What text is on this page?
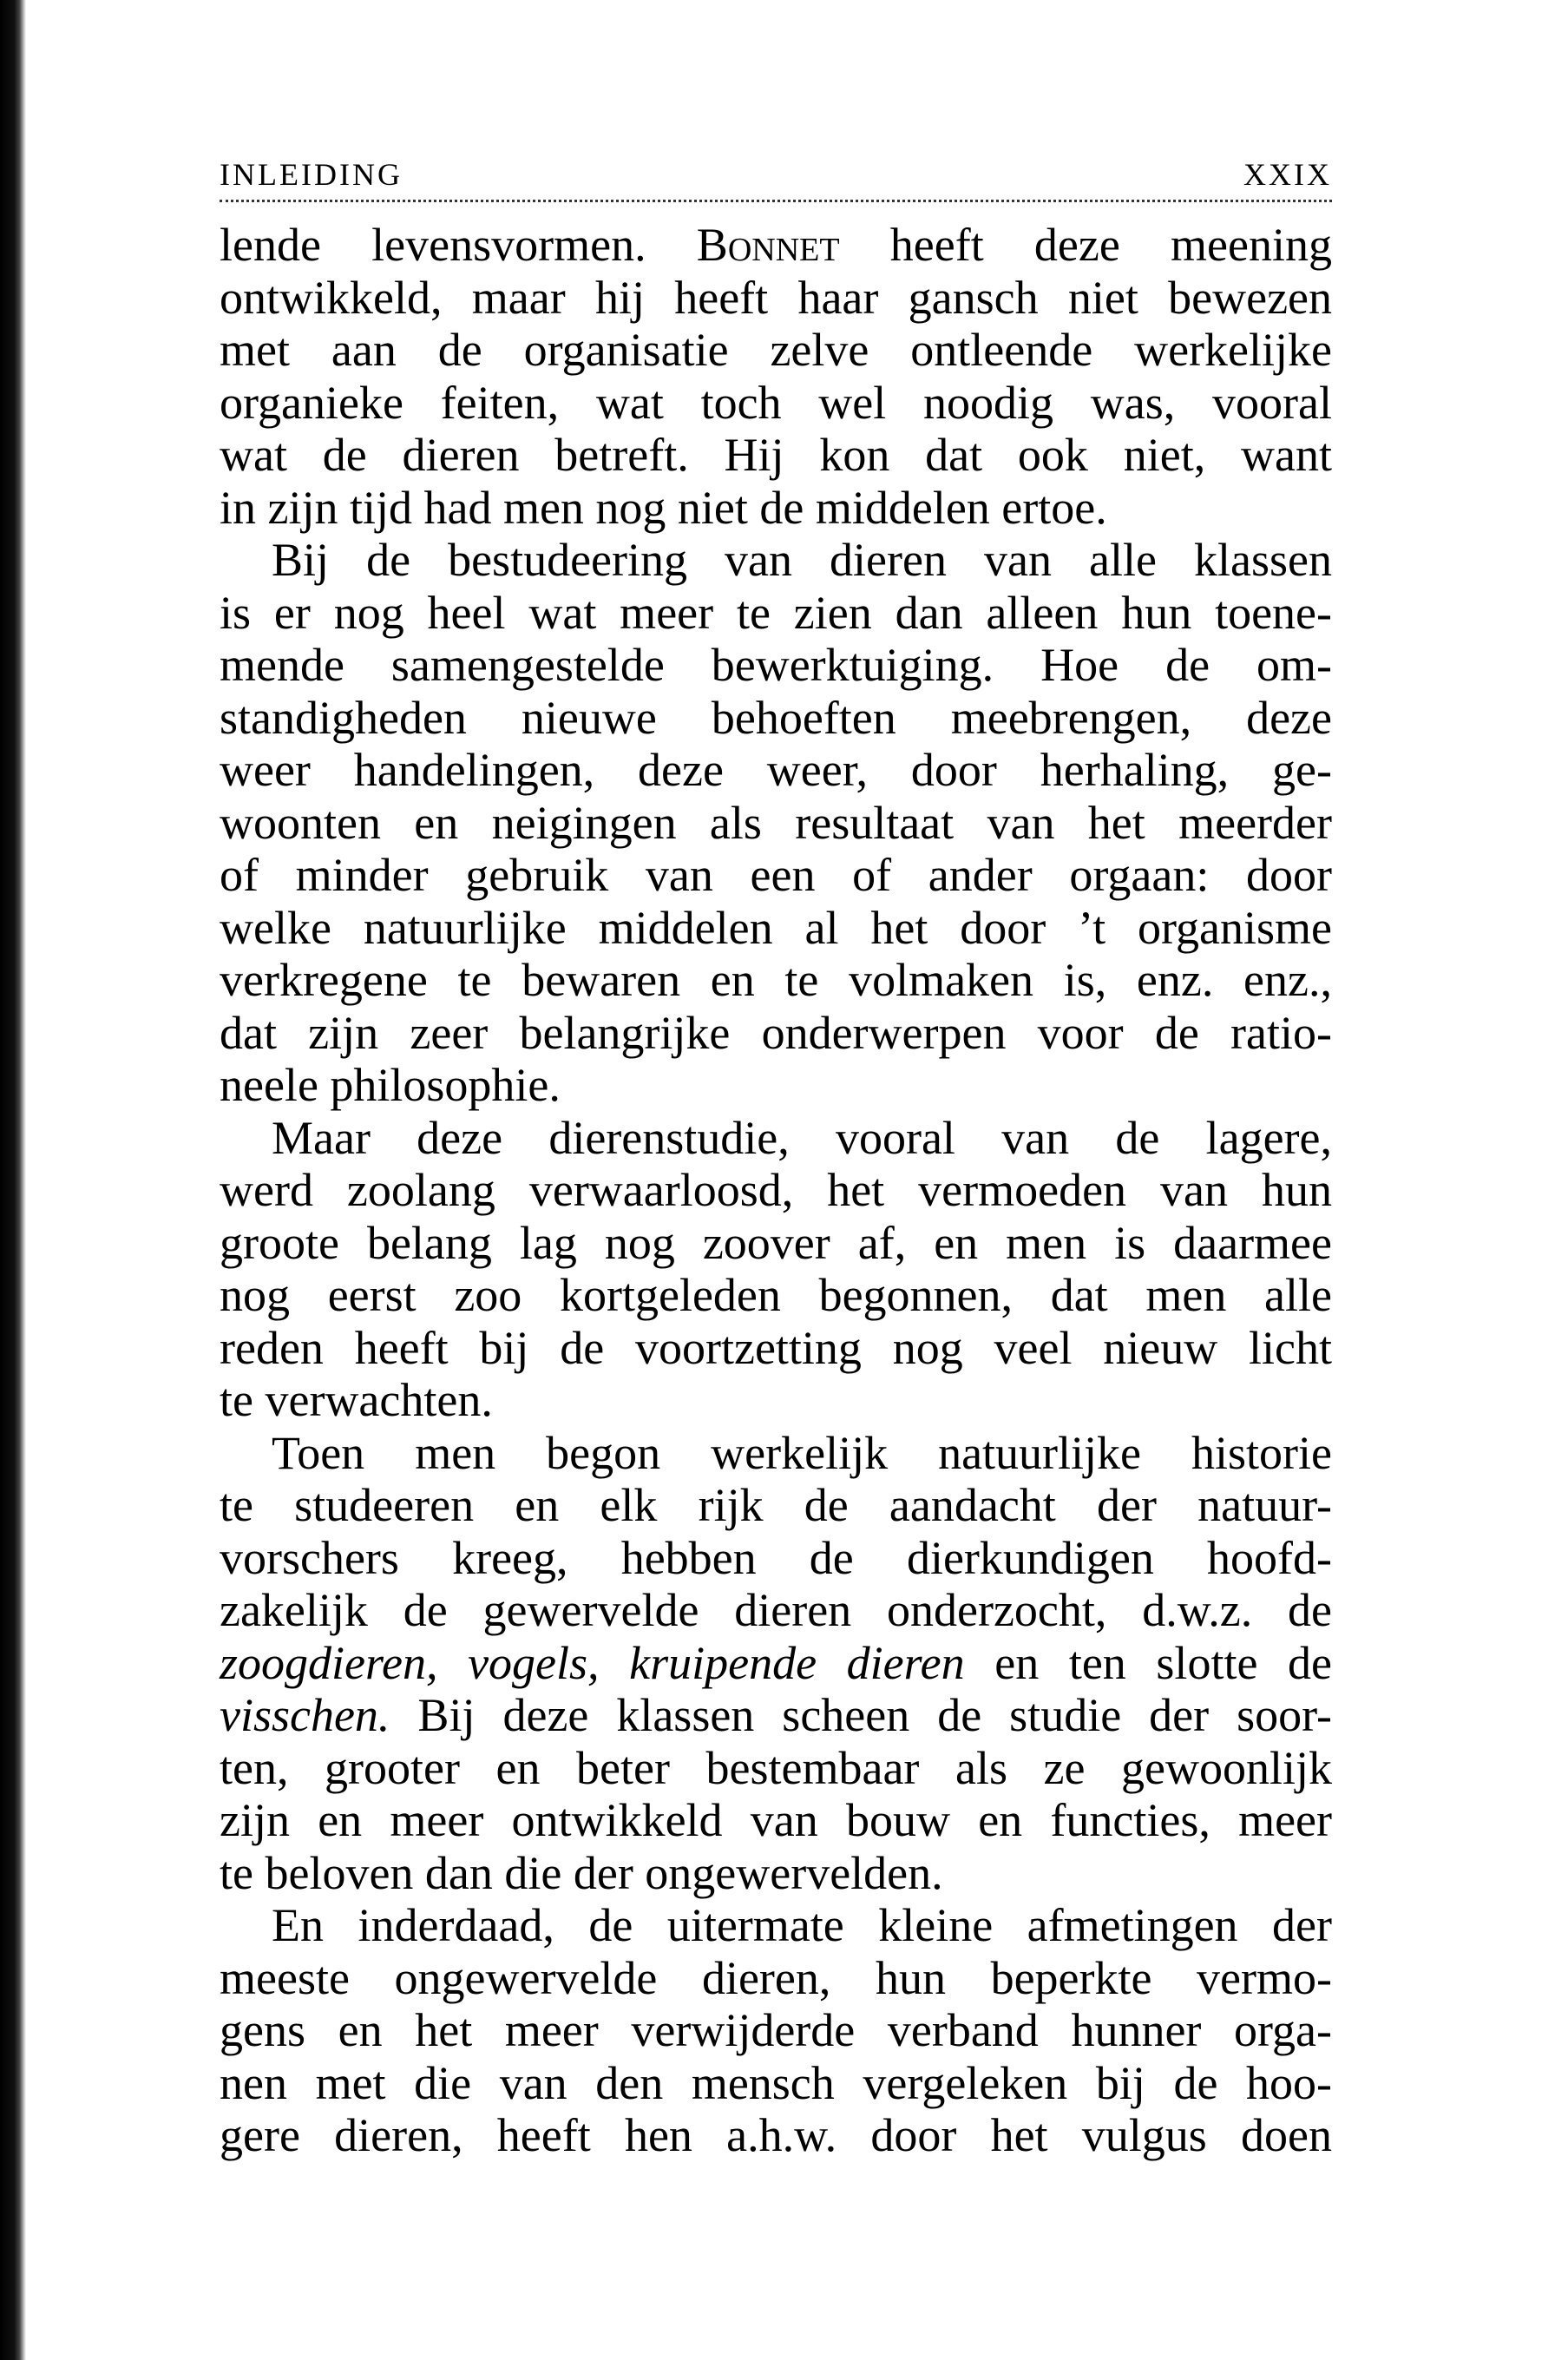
INLEIDING	XXIX
lende levensvormen. Bonnet heeft deze meening
ontwikkeld, maar hij heeft haar gansch niet bewezen
met aan de organisatie zelve ontleende werkelijke
organieke feiten, wat toch wel noodig was, vooral
wat de dieren betreft. Hij kon dat ook niet, want
in zijn tijd had men nog niet de middelen ertoe.
Bij de bestudeering van dieren van alle klassen
is er nog heel wat meer te zien dan alleen hun toene-
mende samengestelde bewerktuiging. Hoe de om-
standigheden nieuwe behoeften meebrengen, deze
weer handelingen, deze weer, door herhaling, ge-
woonten en neigingen als resultaat van het meerder
of minder gebruik van een of ander orgaan: door
welke natuurlijke middelen al het door ’t organisme
verkregene te bewaren en te volmaken is, enz. enz.,
dat zijn zeer belangrijke onderwerpen voor de ratio-
neele philosophie.
Maar deze dierenstudie, vooral van de lagere,
werd zoolang verwaarloosd, het vermoeden van hun
groote belang lag nog zoover af, en men is daarmee
nog eerst zoo kortgeleden begonnen, dat men alle
reden heeft bij de voortzetting nog veel nieuw licht
te verwachten.
Toen men begon werkelijk natuurlijke historie
te studeeren en elk rijk de aandacht der natuur-
vorschers kreeg, hebben de dierkundigen hoofd-
zakelijk de gewervelde dieren onderzocht, d.w.z. de
zoogdieren, vogels, kruipende dieren en ten slotte de
visschen. Bij deze klassen scheen de studie der soor-
ten, grooter en beter bestembaar als ze gewoonlijk
zijn en meer ontwikkeld van bouw en functies, meer
te beloven dan die der ongewervelden.
En inderdaad, de uitermate kleine afmetingen der
meeste ongewervelde dieren, hun beperkte vermo-
gens en het meer verwijderde verband hunner orga-
nen met die van den mensch vergeleken bij de hoo-
gere dieren, heeft hen a.h.w. door het vulgus doen
